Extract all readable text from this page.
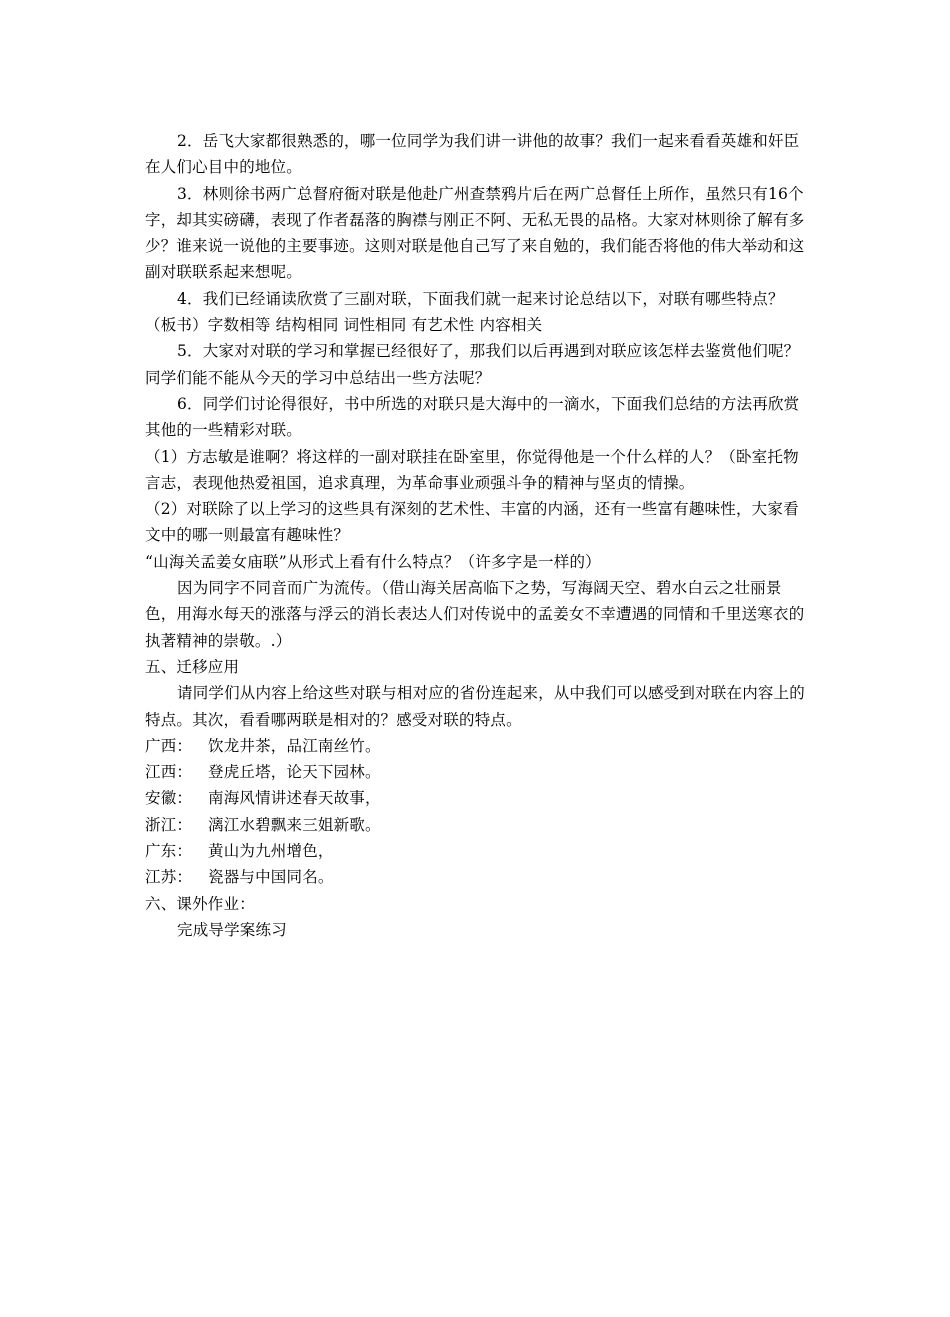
2．岳飞大家都很熟悉的，哪一位同学为我们讲一讲他的故事？我们一起来看看英雄和奸臣在人们心目中的地位。

3．林则徐书两广总督府衙对联是他赴广州查禁鸦片后在两广总督任上所作，虽然只有16个字，却其实磅礴，表现了作者磊落的胸襟与刚正不阿、无私无畏的品格。大家对林则徐了解有多少？谁来说一说他的主要事迹。这则对联是他自己写了来自勉的，我们能否将他的伟大举动和这副对联联系起来想呢。

4．我们已经诵读欣赏了三副对联，下面我们就一起来讨论总结以下，对联有哪些特点？（板书）字数相等 结构相同 词性相同 有艺术性 内容相关

5．大家对对联的学习和掌握已经很好了，那我们以后再遇到对联应该怎样去鉴赏他们呢？同学们能不能从今天的学习中总结出一些方法呢？

6．同学们讨论得很好，书中所选的对联只是大海中的一滴水，下面我们总结的方法再欣赏其他的一些精彩对联。

（1）方志敏是谁啊？将这样的一副对联挂在卧室里，你觉得他是一个什么样的人？（卧室托物言志，表现他热爱祖国，追求真理，为革命事业顽强斗争的精神与坚贞的情操。

（2）对联除了以上学习的这些具有深刻的艺术性、丰富的内涵，还有一些富有趣味性，大家看文中的哪一则最富有趣味性？

“山海关孟姜女庙联”从形式上看有什么特点？（许多字是一样的）

因为同字不同音而广为流传。（借山海关居高临下之势，写海阔天空、碧水白云之壮丽景色，用海水每天的涨落与浮云的消长表达人们对传说中的孟姜女不幸遭遇的同情和千里送寒衣的执著精神的崇敬。.）

五、迁移应用

请同学们从内容上给这些对联与相对应的省份连起来，从中我们可以感受到对联在内容上的特点。其次，看看哪两联是相对的？感受对联的特点。

广西： 饮龙井茶，品江南丝竹。

江西： 登虎丘塔，论天下园林。

安徽： 南海风情讲述春天故事，

浙江： 漓江水碧飘来三姐新歌。

广东： 黄山为九州增色，

江苏： 瓷器与中国同名。

六、课外作业：

完成导学案练习
